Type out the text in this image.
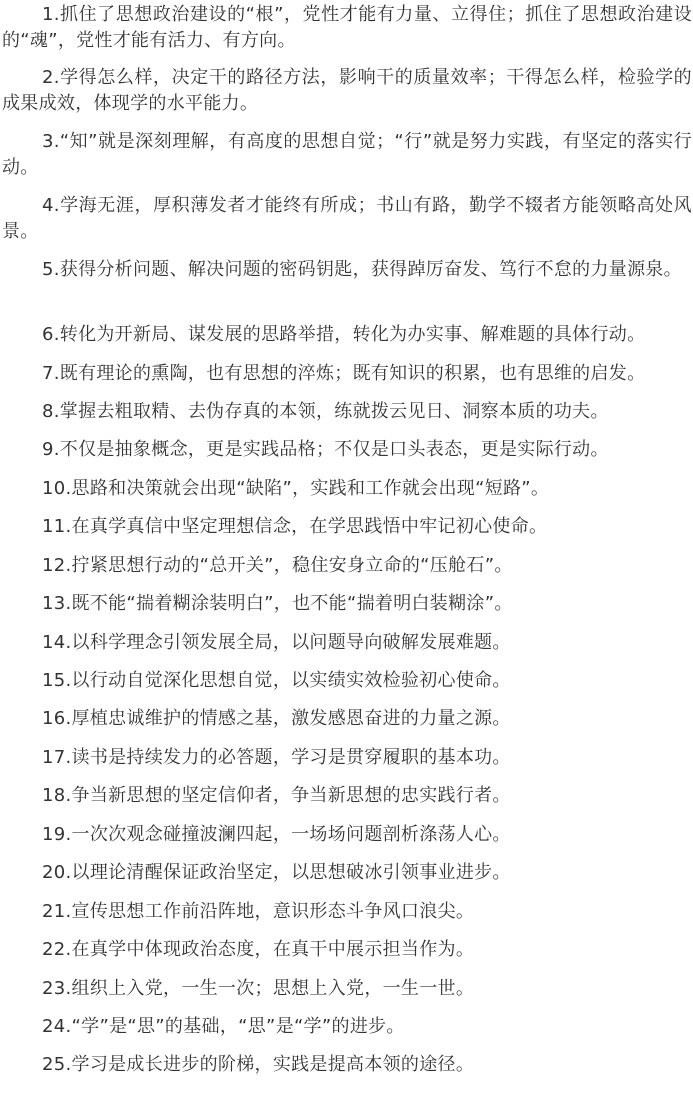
1.抓住了思想政治建设的“根”，党性才能有力量、立得住；抓住了思想政治建设的“魂”，党性才能有活力、有方向。

2.学得怎么样，决定干的路径方法，影响干的质量效率；干得怎么样，检验学的成果成效，体现学的水平能力。

3.“知”就是深刻理解，有高度的思想自觉；“行”就是努力实践，有坚定的落实行动。

4.学海无涯，厚积薄发者才能终有所成；书山有路，勤学不辍者方能领略高处风景。

5.获得分析问题、解决问题的密码钥匙，获得踔厉奋发、笃行不怠的力量源泉。

6.转化为开新局、谋发展的思路举措，转化为办实事、解难题的具体行动。
7.既有理论的熏陶，也有思想的淬炼；既有知识的积累，也有思维的启发。
8.掌握去粗取精、去伪存真的本领，练就拨云见日、洞察本质的功夫。
9.不仅是抽象概念，更是实践品格；不仅是口头表态，更是实际行动。
10.思路和决策就会出现“缺陷”，实践和工作就会出现“短路”。
11.在真学真信中坚定理想信念，在学思践悟中牢记初心使命。
12.拧紧思想行动的“总开关”，稳住安身立命的“压舱石”。
13.既不能“揣着糊涂装明白”，也不能“揣着明白装糊涂”。
14.以科学理念引领发展全局，以问题导向破解发展难题。
15.以行动自觉深化思想自觉，以实绩实效检验初心使命。
16.厚植忠诚维护的情感之基，激发感恩奋进的力量之源。
17.读书是持续发力的必答题，学习是贯穿履职的基本功。
18.争当新思想的坚定信仰者，争当新思想的忠实践行者。
19.一次次观念碰撞波澜四起，一场场问题剖析涤荡人心。
20.以理论清醒保证政治坚定，以思想破冰引领事业进步。
21.宣传思想工作前沿阵地，意识形态斗争风口浪尖。
22.在真学中体现政治态度，在真干中展示担当作为。
23.组织上入党，一生一次；思想上入党，一生一世。
24.“学”是“思”的基础，“思”是“学”的进步。
25.学习是成长进步的阶梯，实践是提高本领的途径。
